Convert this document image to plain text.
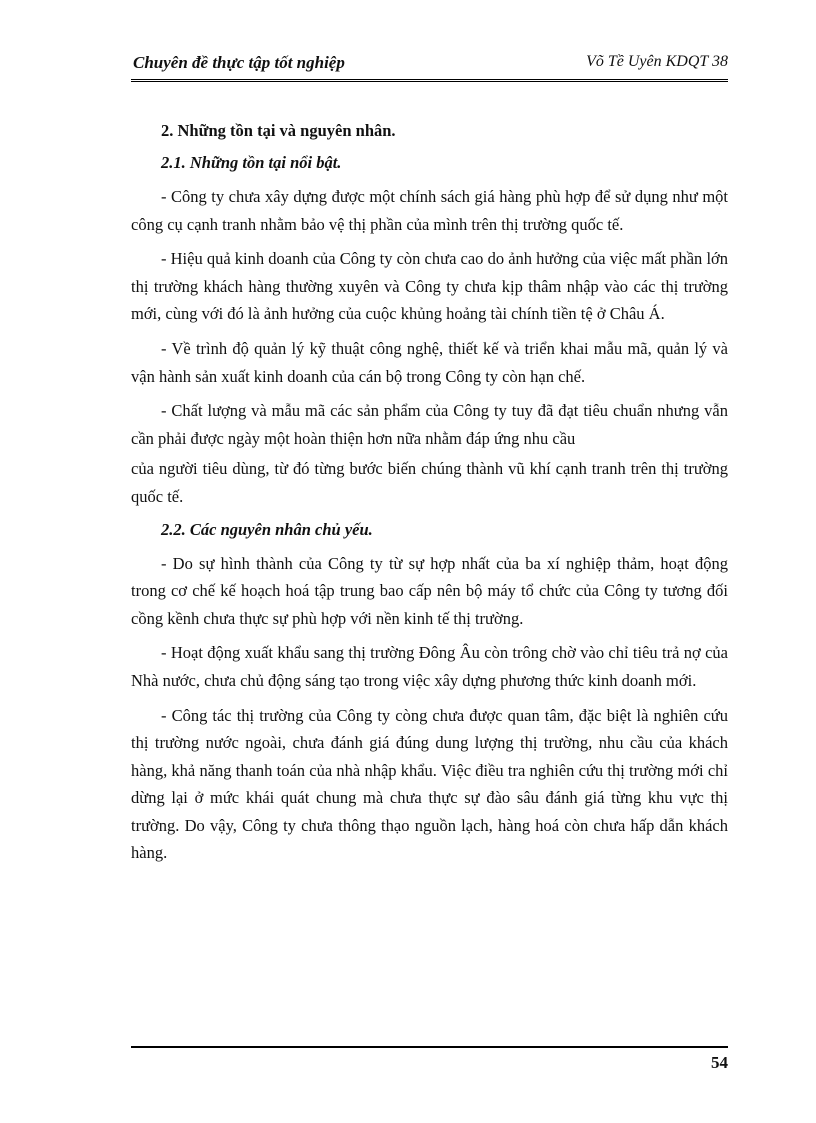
Chuyên đề thực tập tốt nghiệp	Võ Tề Uyên KDQT 38
2. Những tồn tại và nguyên nhân.
2.1. Những tồn tại nổi bật.

- Công ty chưa xây dựng được một chính sách giá hàng phù hợp để sử dụng như một công cụ cạnh tranh nhằm bảo vệ thị phần của mình trên thị trường quốc tế.

- Hiệu quả kinh doanh của Công ty còn chưa cao do ảnh hưởng của việc mất phần lớn thị trường khách hàng thường xuyên và Công ty chưa kịp thâm nhập vào các thị trường mới, cùng với đó là ảnh hưởng của cuộc khủng hoảng tài chính tiền tệ ở Châu Á.

- Về trình độ quản lý kỹ thuật công nghệ, thiết kế và triển khai mẫu mã, quản lý và vận hành sản xuất kinh doanh của cán bộ trong Công ty còn hạn chế.

- Chất lượng và mẫu mã các sản phẩm của Công ty tuy đã đạt tiêu chuẩn nhưng vẫn cần phải được ngày một hoàn thiện hơn nữa nhằm đáp ứng nhu cầu

của người tiêu dùng, từ đó từng bước biến chúng thành vũ khí cạnh tranh trên thị trường quốc tế.

2.2. Các nguyên nhân chủ yếu.

- Do sự hình thành của Công ty từ sự hợp nhất của ba xí nghiệp thảm, hoạt động trong cơ chế kế hoạch hoá tập trung bao cấp nên bộ máy tổ chức của Công ty tương đối cồng kềnh chưa thực sự phù hợp với nền kinh tế thị trường.

- Hoạt động xuất khẩu sang thị trường Đông Âu còn trông chờ vào chỉ tiêu trả nợ của Nhà nước, chưa chủ động sáng tạo trong việc xây dựng phương thức kinh doanh mới.

- Công tác thị trường của Công ty còng chưa được quan tâm, đặc biệt là nghiên cứu thị trường nước ngoài, chưa đánh giá đúng dung lượng thị trường, nhu cầu của khách hàng, khả năng thanh toán của nhà nhập khẩu. Việc điều tra nghiên cứu thị trường mới chỉ dừng lại ở mức khái quát chung mà chưa thực sự đào sâu đánh giá từng khu vực thị trường. Do vậy, Công ty chưa thông thạo nguồn lạch, hàng hoá còn chưa hấp dẫn khách hàng.

54
